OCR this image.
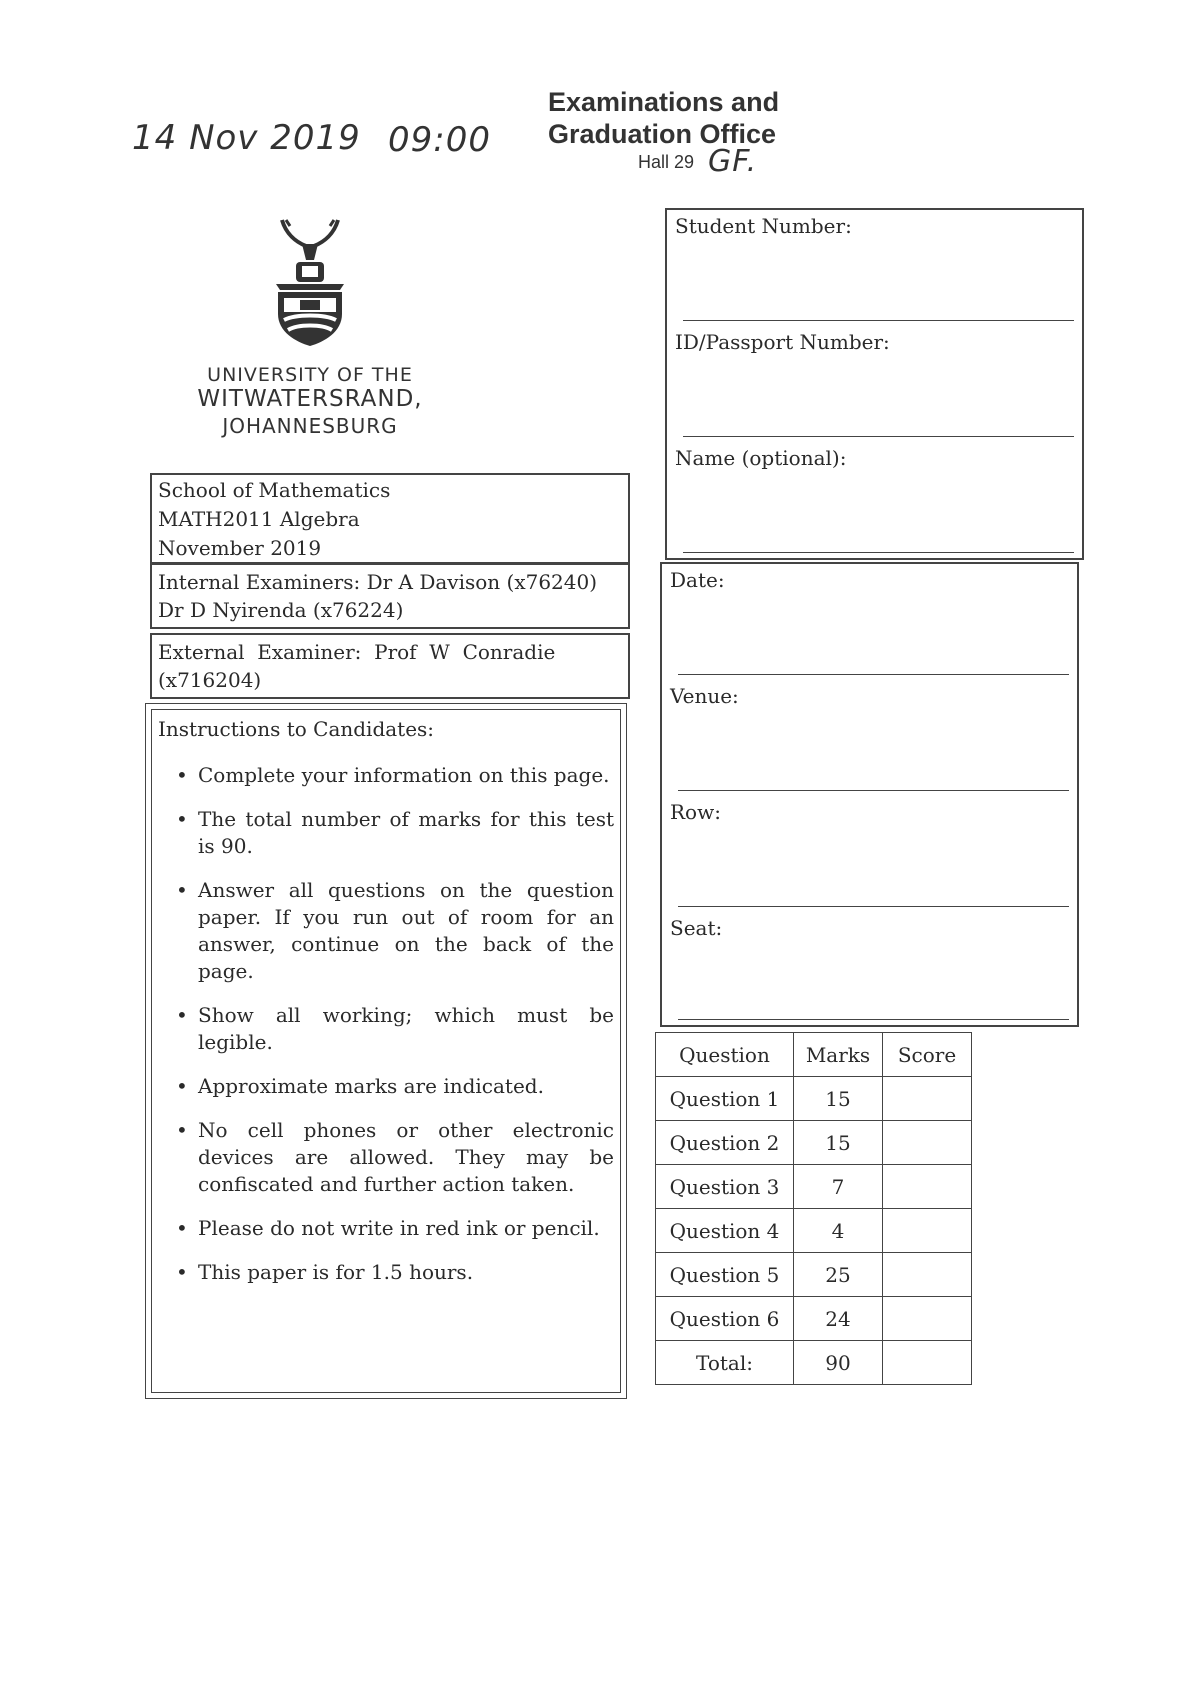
14 Nov 2019 09:00
Examinations and
Graduation Office
Hall 29 GF.
UNIVERSITY OF THE
WITWATERSRAND,
JOHANNESBURG
School of Mathematics
MATH2011 Algebra
November 2019
Internal Examiners: Dr A Davison (x76240)
Dr D Nyirenda (x76224)
External  Examiner:  Prof  W  Conradie
(x716204)
Instructions to Candidates:
• Complete your information on this page.
• The total number of marks for this test is 90.
• Answer all questions on the question paper. If you run out of room for an answer, continue on the back of the page.
• Show all working; which must be legible.
• Approximate marks are indicated.
• No cell phones or other electronic devices are allowed. They may be confiscated and further action taken.
• Please do not write in red ink or pencil.
• This paper is for 1.5 hours.
Student Number:
ID/Passport Number:
Name (optional):
Date:
Venue:
Row:
Seat:
Question	Marks	Score
Question 1	15	
Question 2	15	
Question 3	7	
Question 4	4	
Question 5	25	
Question 6	24	
Total:	90	
